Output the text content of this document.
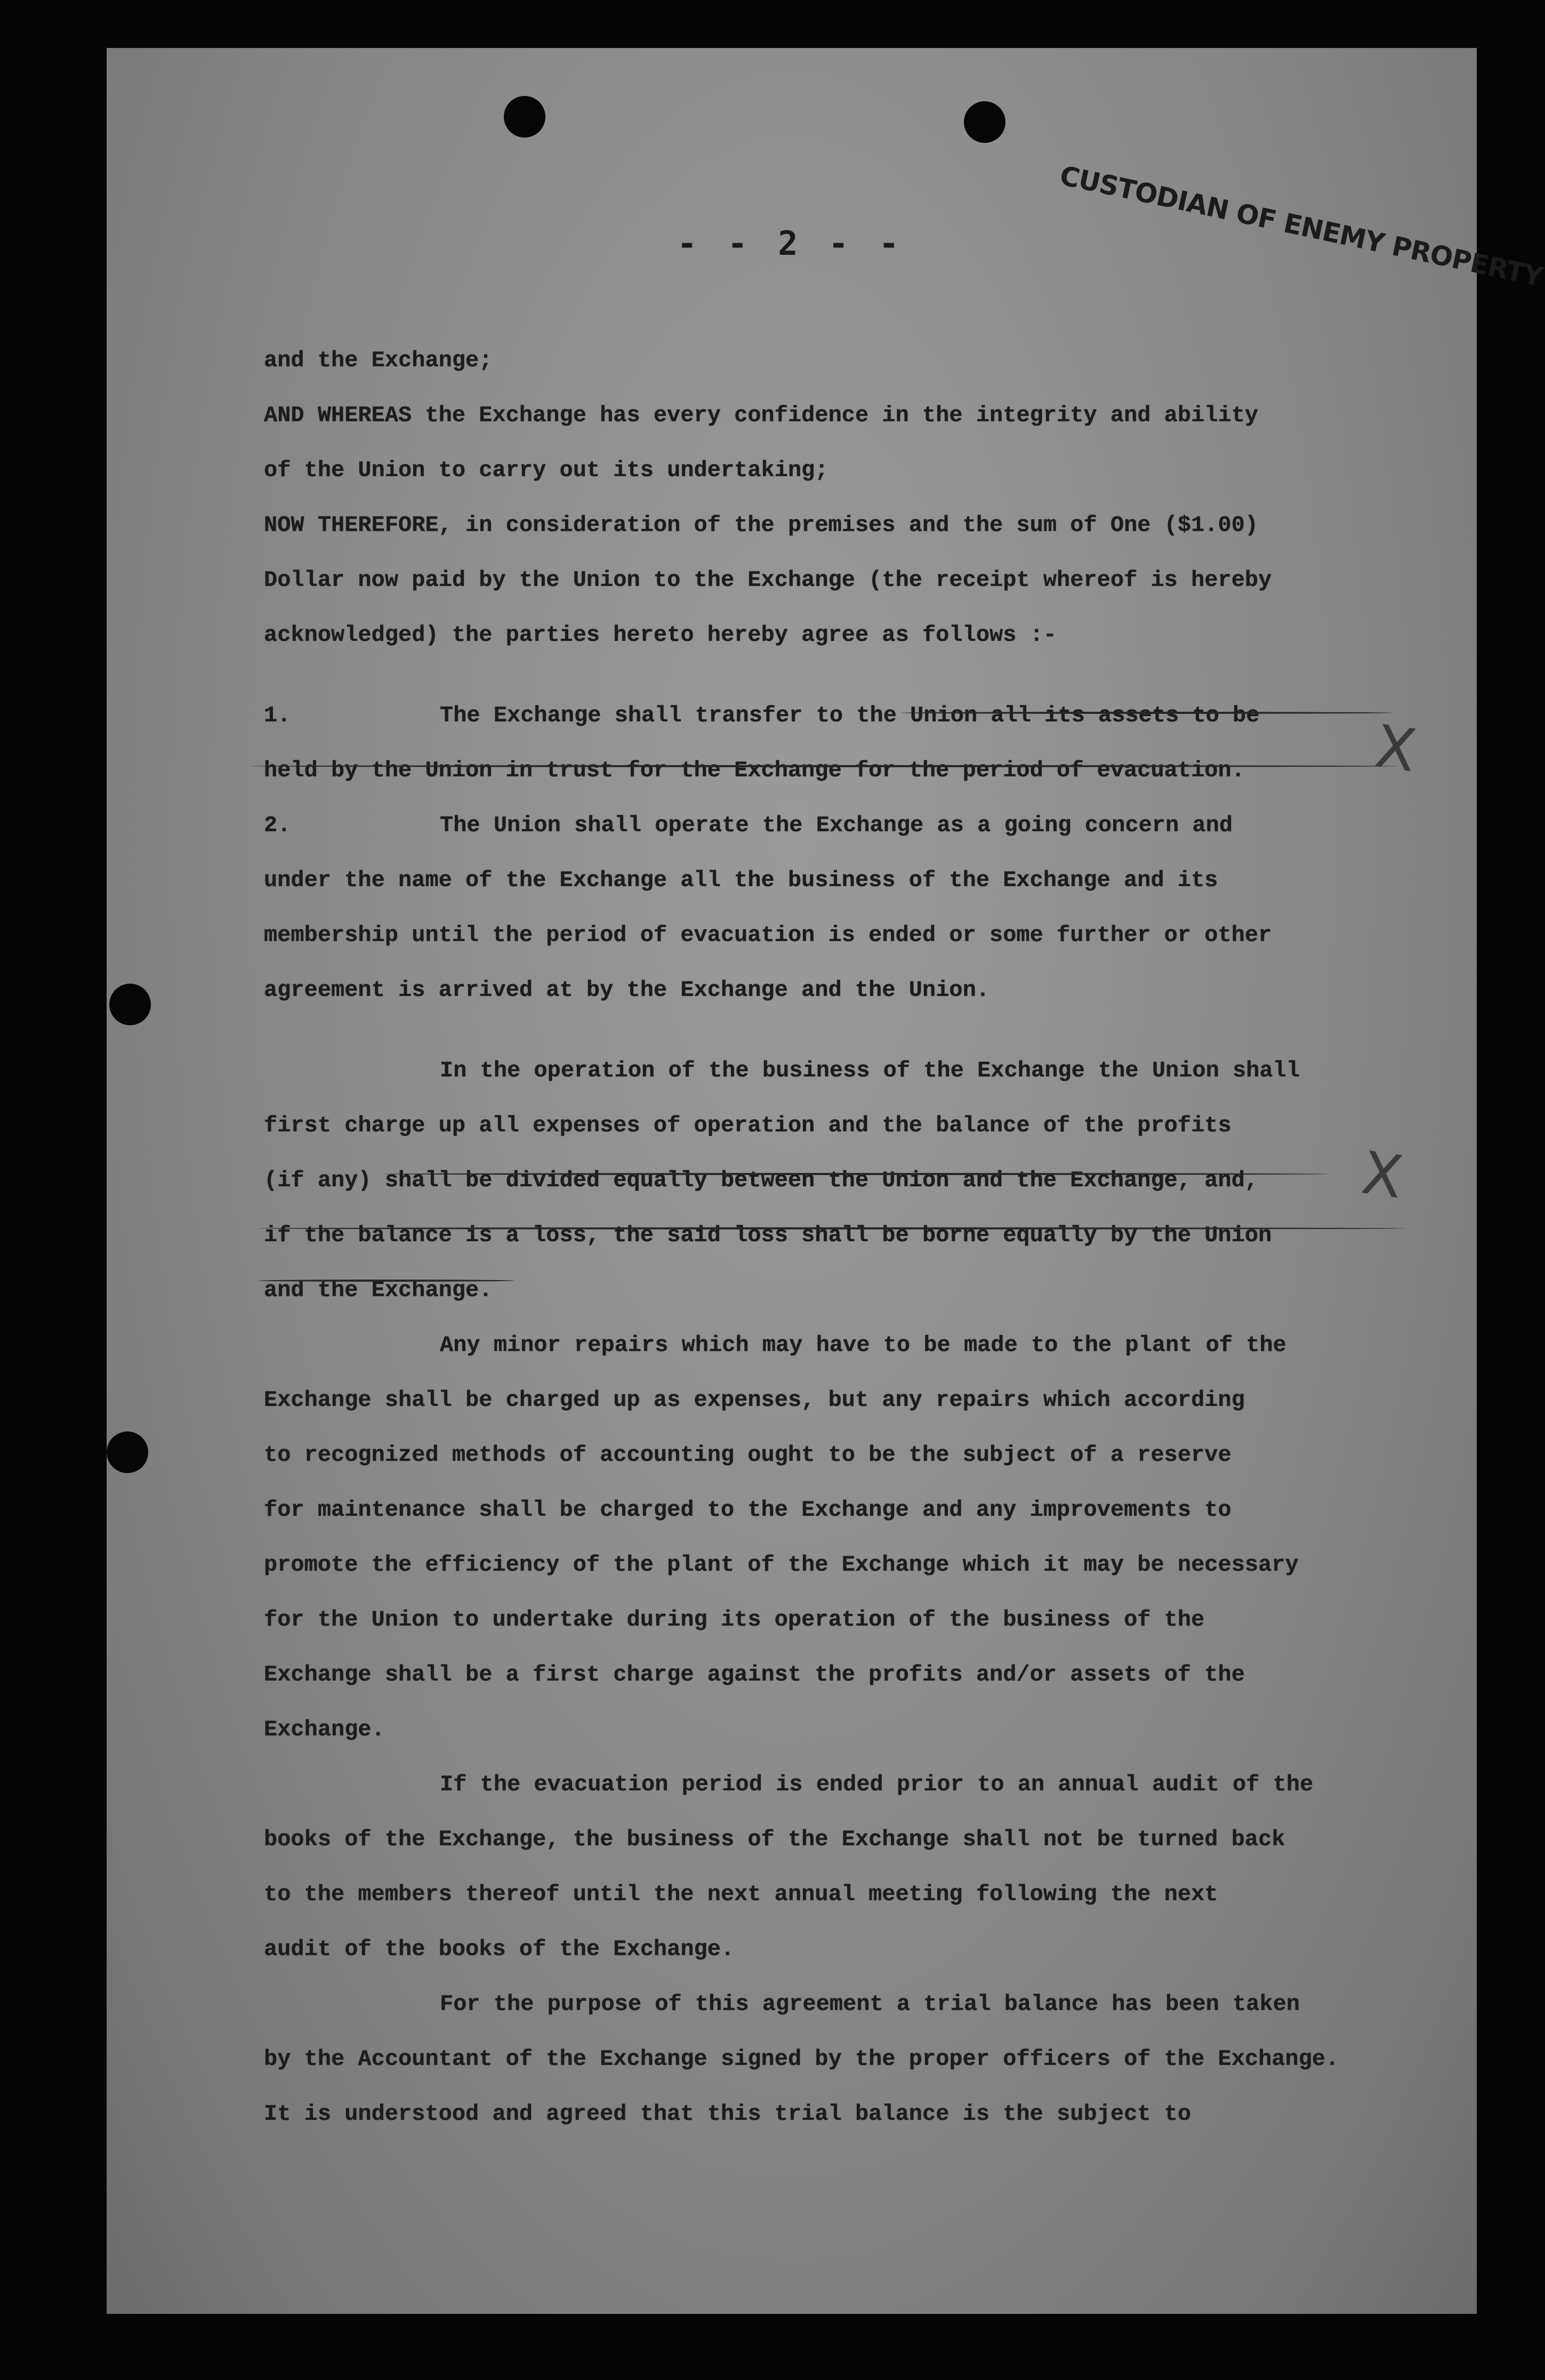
CUSTODIAN OF ENEMY PROPERTY
- - 2 - -
and the Exchange;
AND WHEREAS the Exchange has every confidence in the integrity and ability
of the Union to carry out its undertaking;
NOW THEREFORE, in consideration of the premises and the sum of One ($1.00)
Dollar now paid by the Union to the Exchange (the receipt whereof is hereby
acknowledged) the parties hereto hereby agree as follows :-
1.	The Exchange shall transfer to the Union all its assets to be
held by the Union in trust for the Exchange for the period of evacuation.
2.	The Union shall operate the Exchange as a going concern and
under the name of the Exchange all the business of the Exchange and its
membership until the period of evacuation is ended or some further or other
agreement is arrived at by the Exchange and the Union.
In the operation of the business of the Exchange the Union shall
first charge up all expenses of operation and the balance of the profits
(if any) shall be divided equally between the Union and the Exchange, and,
if the balance is a loss, the said loss shall be borne equally by the Union
and the Exchange.
Any minor repairs which may have to be made to the plant of the
Exchange shall be charged up as expenses, but any repairs which according
to recognized methods of accounting ought to be the subject of a reserve
for maintenance shall be charged to the Exchange and any improvements to
promote the efficiency of the plant of the Exchange which it may be necessary
for the Union to undertake during its operation of the business of the
Exchange shall be a first charge against the profits and/or assets of the
Exchange.
If the evacuation period is ended prior to an annual audit of the
books of the Exchange, the business of the Exchange shall not be turned back
to the members thereof until the next annual meeting following the next
audit of the books of the Exchange.
For the purpose of this agreement a trial balance has been taken
by the Accountant of the Exchange signed by the proper officers of the Exchange.
It is understood and agreed that this trial balance is the subject to
X
X
